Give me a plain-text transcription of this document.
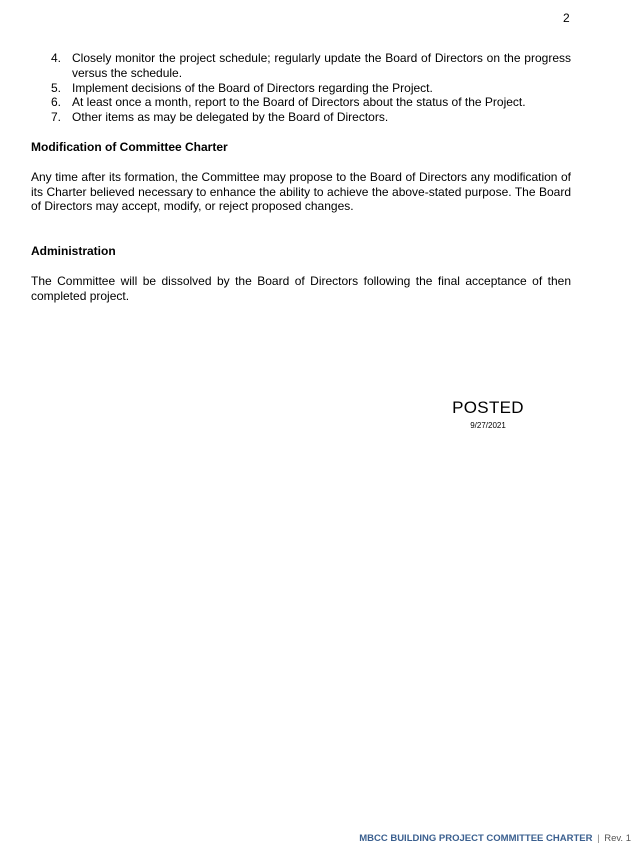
2
4. Closely monitor the project schedule; regularly update the Board of Directors on the progress versus the schedule.
5. Implement decisions of the Board of Directors regarding the Project.
6. At least once a month, report to the Board of Directors about the status of the Project.
7. Other items as may be delegated by the Board of Directors.
Modification of Committee Charter

Any time after its formation, the Committee may propose to the Board of Directors any modification of its Charter believed necessary to enhance the ability to achieve the above-stated purpose. The Board of Directors may accept, modify, or reject proposed changes.

Administration

The Committee will be dissolved by the Board of Directors following the final acceptance of then completed project.

POSTED
9/27/2021
MBCC BUILDING PROJECT COMMITTEE CHARTER | Rev. 1
